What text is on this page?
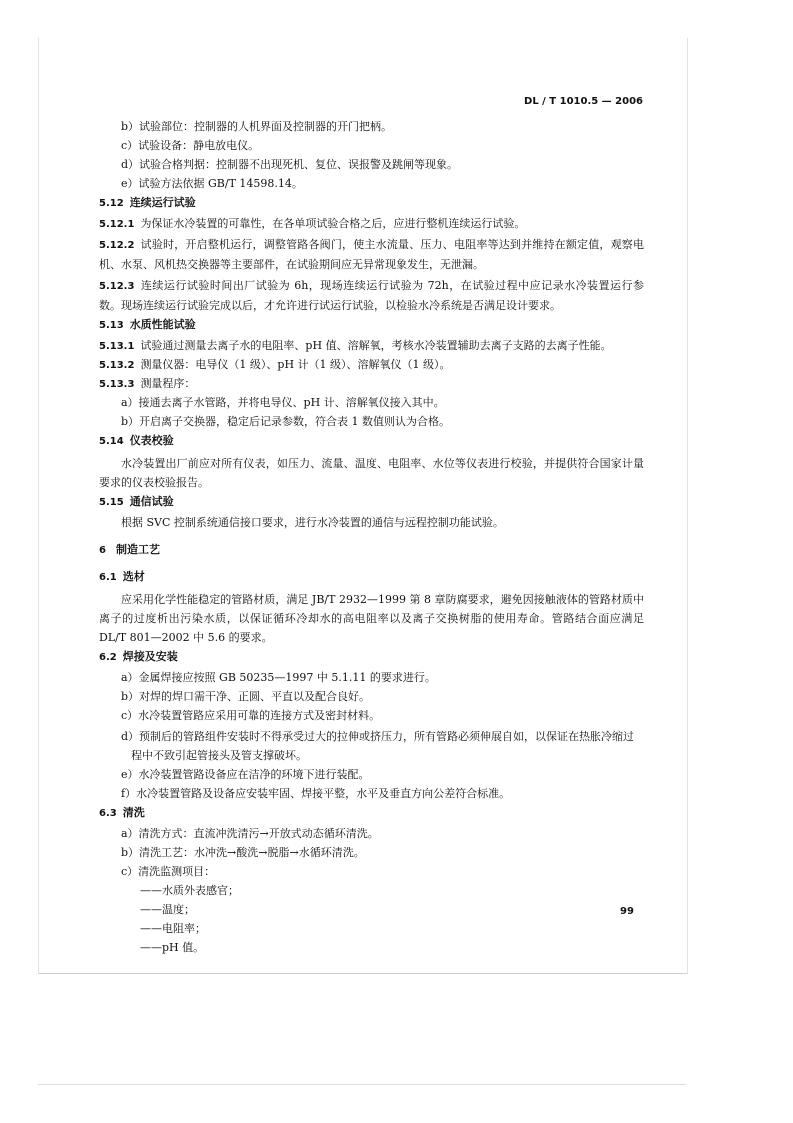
DL / T 1010.5 — 2006
b）试验部位：控制器的人机界面及控制器的开门把柄。
c）试验设备：静电放电仪。
d）试验合格判据：控制器不出现死机、复位、误报警及跳闸等现象。
e）试验方法依据 GB/T 14598.14。
5.12 连续运行试验
5.12.1 为保证水冷装置的可靠性，在各单项试验合格之后，应进行整机连续运行试验。
5.12.2 试验时，开启整机运行，调整管路各阀门，使主水流量、压力、电阻率等达到并维持在额定值，观察电机、水泵、风机热交换器等主要部件，在试验期间应无异常现象发生，无泄漏。
5.12.3 连续运行试验时间出厂试验为 6h，现场连续运行试验为 72h，在试验过程中应记录水冷装置运行参数。现场连续运行试验完成以后，才允许进行试运行试验，以检验水冷系统是否满足设计要求。
5.13 水质性能试验
5.13.1 试验通过测量去离子水的电阻率、pH 值、溶解氧，考核水冷装置辅助去离子支路的去离子性能。
5.13.2 测量仪器：电导仪（1 级）、pH 计（1 级）、溶解氧仪（1 级）。
5.13.3 测量程序：
a）接通去离子水管路，并将电导仪、pH 计、溶解氧仪接入其中。
b）开启离子交换器，稳定后记录参数，符合表 1 数值则认为合格。
5.14 仪表校验
水冷装置出厂前应对所有仪表，如压力、流量、温度、电阻率、水位等仪表进行校验，并提供符合国家计量要求的仪表校验报告。
5.15 通信试验
根据 SVC 控制系统通信接口要求，进行水冷装置的通信与远程控制功能试验。
6 制造工艺
6.1 选材
应采用化学性能稳定的管路材质，满足 JB/T 2932—1999 第 8 章防腐要求，避免因接触液体的管路材质中离子的过度析出污染水质，以保证循环冷却水的高电阻率以及离子交换树脂的使用寿命。管路结合面应满足 DL/T 801—2002 中 5.6 的要求。
6.2 焊接及安装
a）金属焊接应按照 GB 50235—1997 中 5.1.11 的要求进行。
b）对焊的焊口需干净、正圆、平直以及配合良好。
c）水冷装置管路应采用可靠的连接方式及密封材料。
d）预制后的管路组件安装时不得承受过大的拉伸或挤压力，所有管路必须伸展自如，以保证在热胀冷缩过程中不致引起管接头及管支撑破坏。
e）水冷装置管路设备应在洁净的环境下进行装配。
f）水冷装置管路及设备应安装牢固、焊接平整，水平及垂直方向公差符合标准。
6.3 清洗
a）清洗方式：直流冲洗清污→开放式动态循环清洗。
b）清洗工艺：水冲洗→酸洗→脱脂→水循环清洗。
c）清洗监测项目：
——水质外表感官；
——温度；
——电阻率；
——pH 值。
99
